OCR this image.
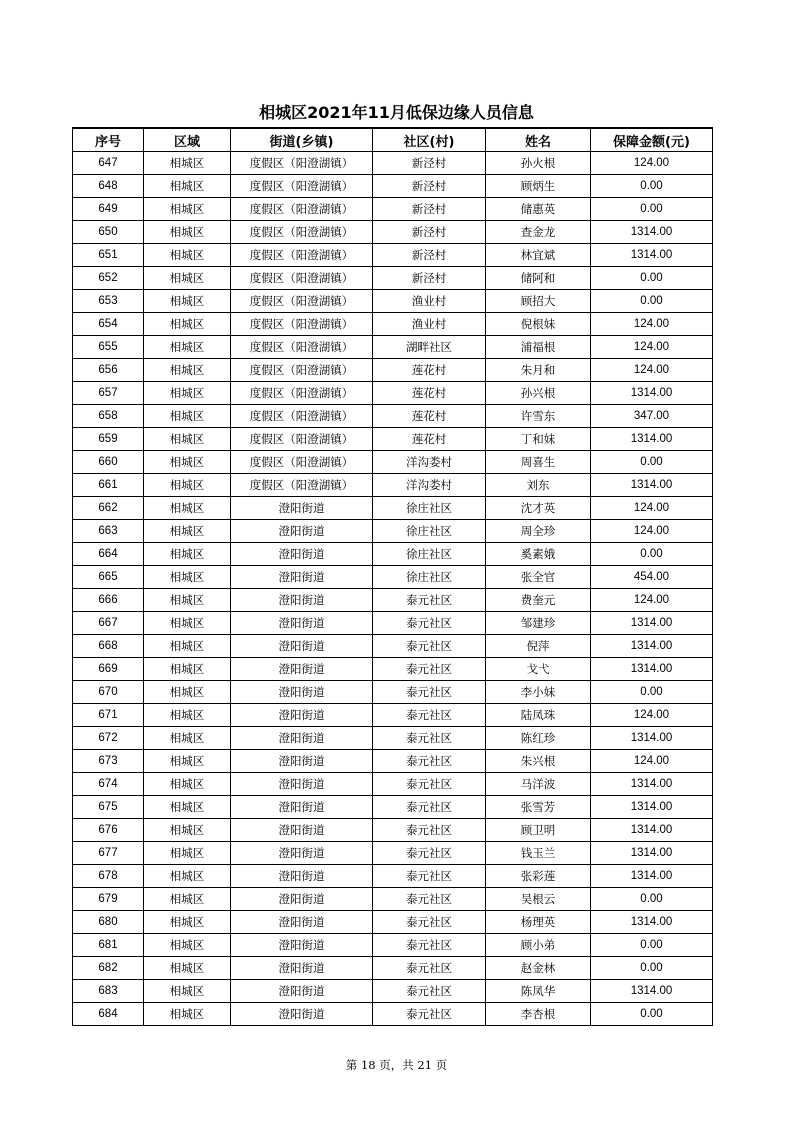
相城区2021年11月低保边缘人员信息
序号	区域	街道(乡镇)	社区(村)	姓名	保障金额(元)
647	相城区	度假区（阳澄湖镇）	新泾村	孙火根	124.00
648	相城区	度假区（阳澄湖镇）	新泾村	顾炳生	0.00
649	相城区	度假区（阳澄湖镇）	新泾村	储惠英	0.00
650	相城区	度假区（阳澄湖镇）	新泾村	查金龙	1314.00
651	相城区	度假区（阳澄湖镇）	新泾村	林宜斌	1314.00
652	相城区	度假区（阳澄湖镇）	新泾村	储阿和	0.00
653	相城区	度假区（阳澄湖镇）	渔业村	顾招大	0.00
654	相城区	度假区（阳澄湖镇）	渔业村	倪根妹	124.00
655	相城区	度假区（阳澄湖镇）	湖畔社区	浦福根	124.00
656	相城区	度假区（阳澄湖镇）	莲花村	朱月和	124.00
657	相城区	度假区（阳澄湖镇）	莲花村	孙兴根	1314.00
658	相城区	度假区（阳澄湖镇）	莲花村	许雪东	347.00
659	相城区	度假区（阳澄湖镇）	莲花村	丁和妹	1314.00
660	相城区	度假区（阳澄湖镇）	洋沟娄村	周喜生	0.00
661	相城区	度假区（阳澄湖镇）	洋沟娄村	刘东	1314.00
662	相城区	澄阳街道	徐庄社区	沈才英	124.00
663	相城区	澄阳街道	徐庄社区	周全珍	124.00
664	相城区	澄阳街道	徐庄社区	奚素娥	0.00
665	相城区	澄阳街道	徐庄社区	张全官	454.00
666	相城区	澄阳街道	泰元社区	费奎元	124.00
667	相城区	澄阳街道	泰元社区	邹建珍	1314.00
668	相城区	澄阳街道	泰元社区	倪萍	1314.00
669	相城区	澄阳街道	泰元社区	戈弋	1314.00
670	相城区	澄阳街道	泰元社区	李小妹	0.00
671	相城区	澄阳街道	泰元社区	陆凤珠	124.00
672	相城区	澄阳街道	泰元社区	陈红珍	1314.00
673	相城区	澄阳街道	泰元社区	朱兴根	124.00
674	相城区	澄阳街道	泰元社区	马洋波	1314.00
675	相城区	澄阳街道	泰元社区	张雪芳	1314.00
676	相城区	澄阳街道	泰元社区	顾卫明	1314.00
677	相城区	澄阳街道	泰元社区	钱玉兰	1314.00
678	相城区	澄阳街道	泰元社区	张彩莲	1314.00
679	相城区	澄阳街道	泰元社区	吴根云	0.00
680	相城区	澄阳街道	泰元社区	杨理英	1314.00
681	相城区	澄阳街道	泰元社区	顾小弟	0.00
682	相城区	澄阳街道	泰元社区	赵金林	0.00
683	相城区	澄阳街道	泰元社区	陈凤华	1314.00
684	相城区	澄阳街道	泰元社区	李杏根	0.00
第 18 页，共 21 页
